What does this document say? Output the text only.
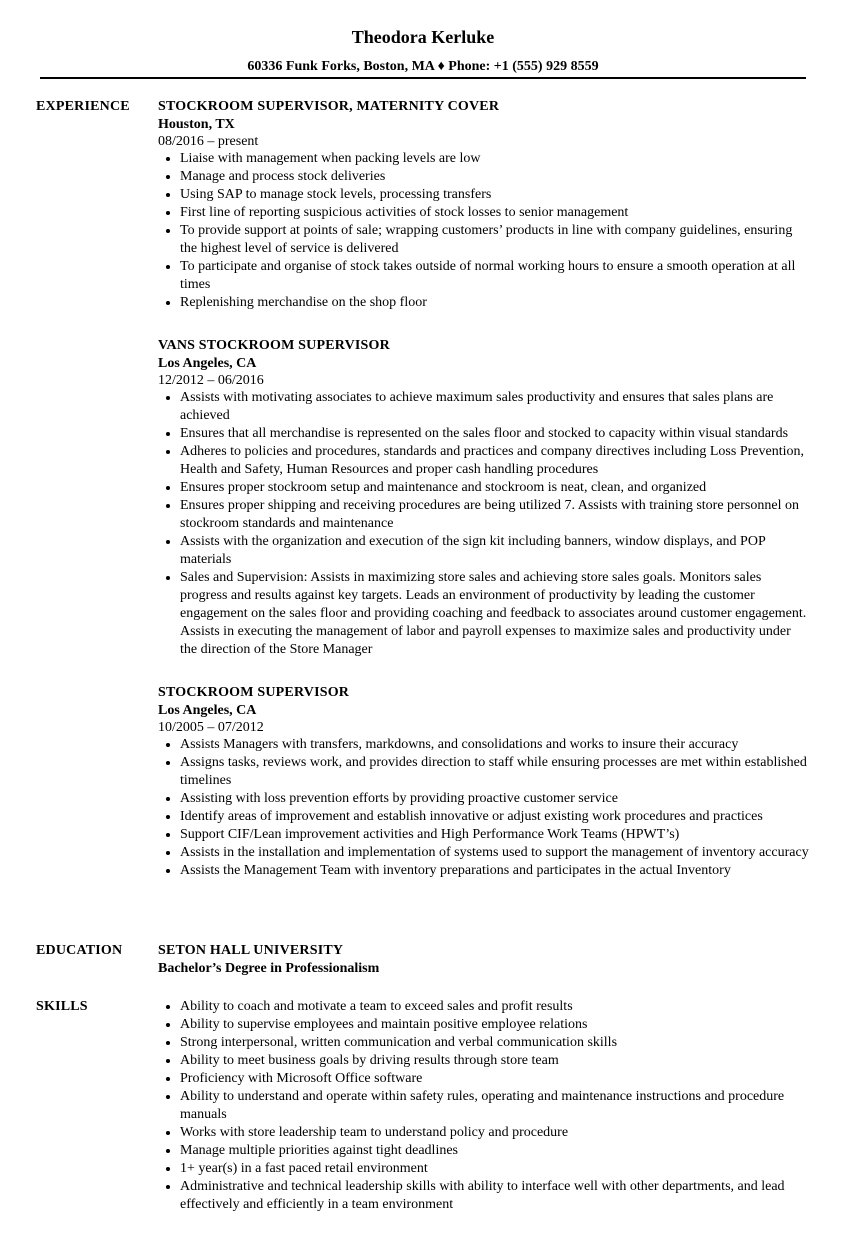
Theodora Kerluke
60336 Funk Forks, Boston, MA ♦ Phone: +1 (555) 929 8559
EXPERIENCE STOCKROOM SUPERVISOR, MATERNITY COVER
Houston, TX
08/2016 – present
• Liaise with management when packing levels are low
• Manage and process stock deliveries
• Using SAP to manage stock levels, processing transfers
• First line of reporting suspicious activities of stock losses to senior management
• To provide support at points of sale; wrapping customers’ products in line with company guidelines, ensuring the highest level of service is delivered
• To participate and organise of stock takes outside of normal working hours to ensure a smooth operation at all times
• Replenishing merchandise on the shop floor
VANS STOCKROOM SUPERVISOR
Los Angeles, CA
12/2012 – 06/2016
• Assists with motivating associates to achieve maximum sales productivity and ensures that sales plans are achieved
• Ensures that all merchandise is represented on the sales floor and stocked to capacity within visual standards
• Adheres to policies and procedures, standards and practices and company directives including Loss Prevention, Health and Safety, Human Resources and proper cash handling procedures
• Ensures proper stockroom setup and maintenance and stockroom is neat, clean, and organized
• Ensures proper shipping and receiving procedures are being utilized 7. Assists with training store personnel on stockroom standards and maintenance
• Assists with the organization and execution of the sign kit including banners, window displays, and POP materials
• Sales and Supervision: Assists in maximizing store sales and achieving store sales goals. Monitors sales progress and results against key targets. Leads an environment of productivity by leading the customer engagement on the sales floor and providing coaching and feedback to associates around customer engagement. Assists in executing the management of labor and payroll expenses to maximize sales and productivity under the direction of the Store Manager
STOCKROOM SUPERVISOR
Los Angeles, CA
10/2005 – 07/2012
• Assists Managers with transfers, markdowns, and consolidations and works to insure their accuracy
• Assigns tasks, reviews work, and provides direction to staff while ensuring processes are met within established timelines
• Assisting with loss prevention efforts by providing proactive customer service
• Identify areas of improvement and establish innovative or adjust existing work procedures and practices
• Support CIF/Lean improvement activities and High Performance Work Teams (HPWT’s)
• Assists in the installation and implementation of systems used to support the management of inventory accuracy
• Assists the Management Team with inventory preparations and participates in the actual Inventory
EDUCATION	SETON HALL UNIVERSITY
Bachelor’s Degree in Professionalism
SKILLS
•	Ability to coach and motivate a team to exceed sales and profit results
• Ability to supervise employees and maintain positive employee relations
• Strong interpersonal, written communication and verbal communication skills
• Ability to meet business goals by driving results through store team
• Proficiency with Microsoft Office software
• Ability to understand and operate within safety rules, operating and maintenance instructions and procedure manuals
• Works with store leadership team to understand policy and procedure
• Manage multiple priorities against tight deadlines
• 1+ year(s) in a fast paced retail environment
• Administrative and technical leadership skills with ability to interface well with other departments, and lead effectively and efficiently in a team environment
